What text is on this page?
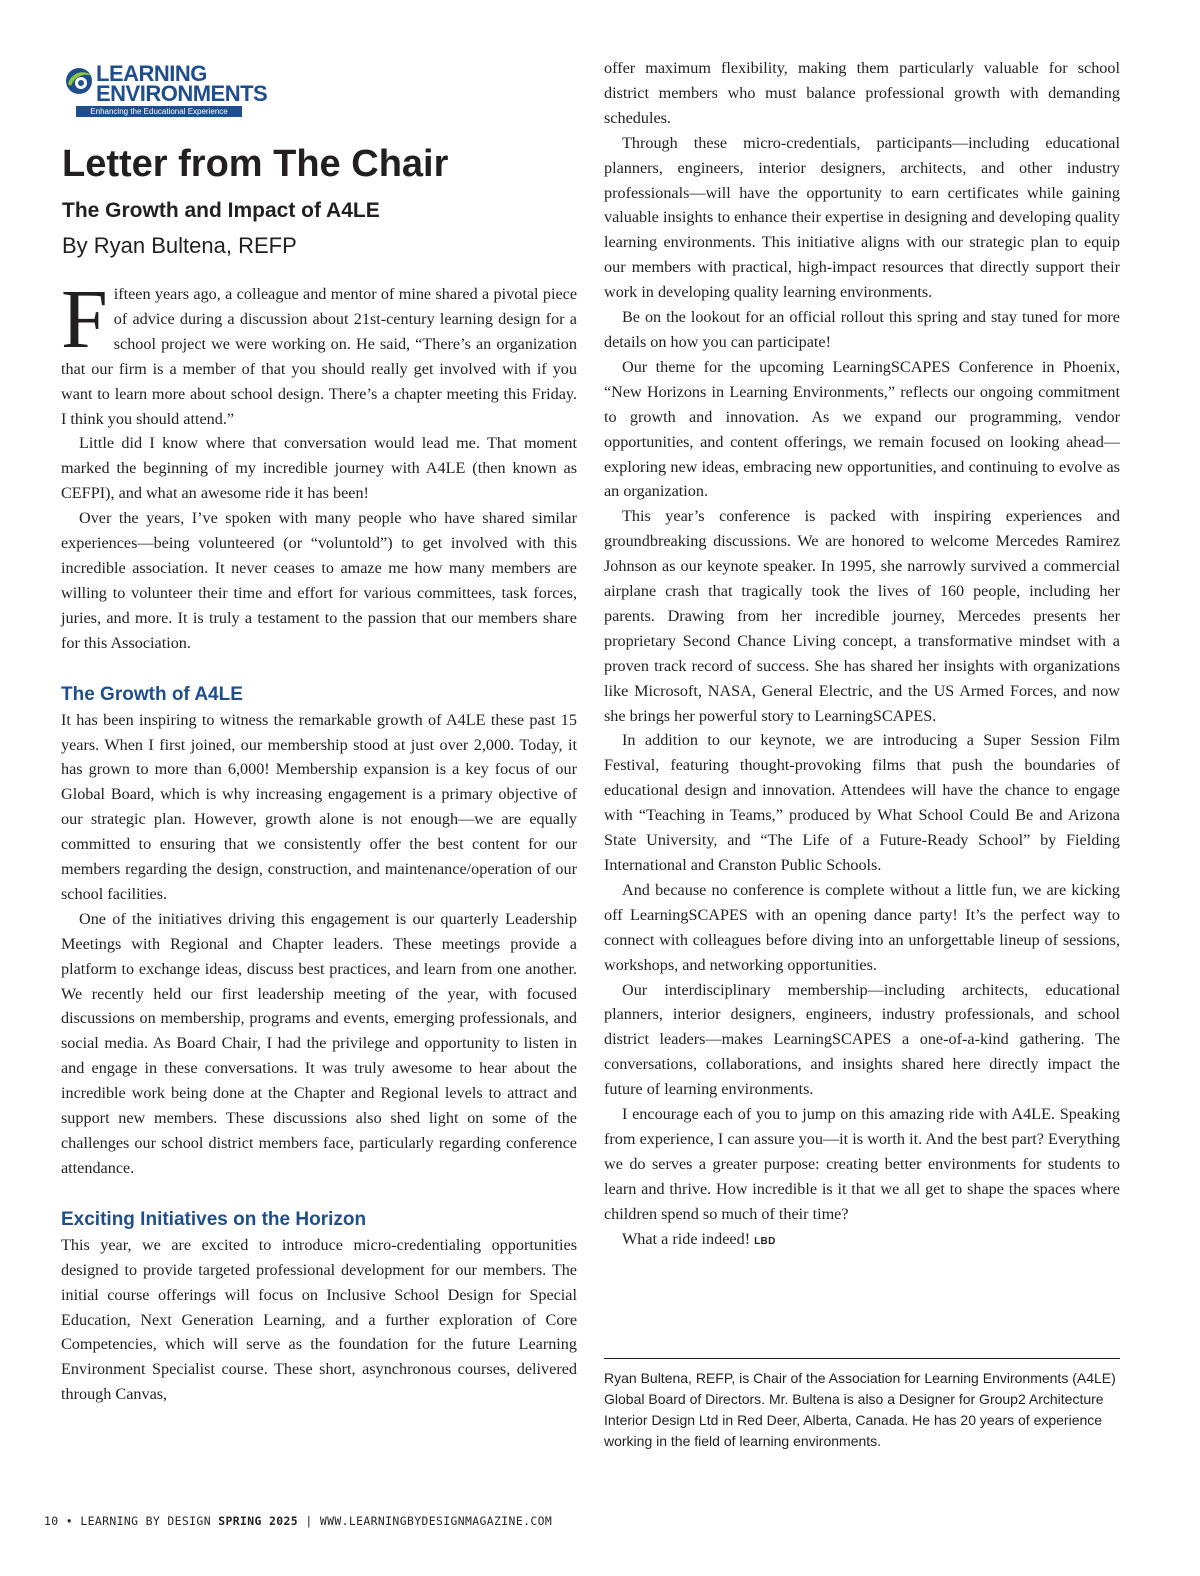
LEARNING
ENVIRONMENTS
Enhancing the Educational Experience
Letter from The Chair
The Growth and Impact of A4LE
By Ryan Bultena, REFP

Fifteen years ago, a colleague and mentor of mine shared a pivotal piece of advice during a discussion about 21st-century learning design for a school project we were working on. He said, “There’s an organization that our firm is a member of that you should really get involved with if you want to learn more about school design. There’s a chapter meeting this Friday. I think you should attend.”

Little did I know where that conversation would lead me. That moment marked the beginning of my incredible journey with A4LE (then known as CEFPI), and what an awesome ride it has been!

Over the years, I’ve spoken with many people who have shared similar experiences—being volunteered (or “voluntold”) to get involved with this incredible association. It never ceases to amaze me how many members are willing to volunteer their time and effort for various committees, task forces, juries, and more. It is truly a testament to the passion that our members share for this Association.

The Growth of A4LE

It has been inspiring to witness the remarkable growth of A4LE these past 15 years. When I first joined, our membership stood at just over 2,000. Today, it has grown to more than 6,000! Membership expansion is a key focus of our Global Board, which is why increasing engagement is a primary objective of our strategic plan. However, growth alone is not enough—we are equally committed to ensuring that we consistently offer the best content for our members regarding the design, construction, and maintenance/operation of our school facilities.

One of the initiatives driving this engagement is our quarterly Leadership Meetings with Regional and Chapter leaders. These meetings provide a platform to exchange ideas, discuss best practices, and learn from one another. We recently held our first leadership meeting of the year, with focused discussions on membership, programs and events, emerging professionals, and social media. As Board Chair, I had the privilege and opportunity to listen in and engage in these conversations. It was truly awesome to hear about the incredible work being done at the Chapter and Regional levels to attract and support new members. These discussions also shed light on some of the challenges our school district members face, particularly regarding conference attendance.

Exciting Initiatives on the Horizon

This year, we are excited to introduce micro-credentialing opportunities designed to provide targeted professional development for our members. The initial course offerings will focus on Inclusive School Design for Special Education, Next Generation Learning, and a further exploration of Core Competencies, which will serve as the foundation for the future Learning Environment Specialist course. These short, asynchronous courses, delivered through Canvas,

offer maximum flexibility, making them particularly valuable for school district members who must balance professional growth with demanding schedules.

Through these micro-credentials, participants—including educational planners, engineers, interior designers, architects, and other industry professionals—will have the opportunity to earn certificates while gaining valuable insights to enhance their expertise in designing and developing quality learning environments. This initiative aligns with our strategic plan to equip our members with practical, high-impact resources that directly support their work in developing quality learning environments.

Be on the lookout for an official rollout this spring and stay tuned for more details on how you can participate!

Our theme for the upcoming LearningSCAPES Conference in Phoenix, “New Horizons in Learning Environments,” reflects our ongoing commitment to growth and innovation. As we expand our programming, vendor opportunities, and content offerings, we remain focused on looking ahead—exploring new ideas, embracing new opportunities, and continuing to evolve as an organization.

This year’s conference is packed with inspiring experiences and groundbreaking discussions. We are honored to welcome Mercedes Ramirez Johnson as our keynote speaker. In 1995, she narrowly survived a commercial airplane crash that tragically took the lives of 160 people, including her parents. Drawing from her incredible journey, Mercedes presents her proprietary Second Chance Living concept, a transformative mindset with a proven track record of success. She has shared her insights with organizations like Microsoft, NASA, General Electric, and the US Armed Forces, and now she brings her powerful story to LearningSCAPES.

In addition to our keynote, we are introducing a Super Session Film Festival, featuring thought-provoking films that push the boundaries of educational design and innovation. Attendees will have the chance to engage with “Teaching in Teams,” produced by What School Could Be and Arizona State University, and “The Life of a Future-Ready School” by Fielding International and Cranston Public Schools.

And because no conference is complete without a little fun, we are kicking off LearningSCAPES with an opening dance party! It’s the perfect way to connect with colleagues before diving into an unforgettable lineup of sessions, workshops, and networking opportunities.

Our interdisciplinary membership—including architects, educational planners, interior designers, engineers, industry professionals, and school district leaders—makes LearningSCAPES a one-of-a-kind gathering. The conversations, collaborations, and insights shared here directly impact the future of learning environments.

I encourage each of you to jump on this amazing ride with A4LE. Speaking from experience, I can assure you—it is worth it. And the best part? Everything we do serves a greater purpose: creating better environments for students to learn and thrive. How incredible is it that we all get to shape the spaces where children spend so much of their time?

What a ride indeed! LBD

Ryan Bultena, REFP, is Chair of the Association for Learning Environments (A4LE) Global Board of Directors. Mr. Bultena is also a Designer for Group2 Architecture Interior Design Ltd in Red Deer, Alberta, Canada. He has 20 years of experience working in the field of learning environments.
10 • LEARNING BY DESIGN SPRING 2025 | WWW.LEARNINGBYDESIGNMAGAZINE.COM
